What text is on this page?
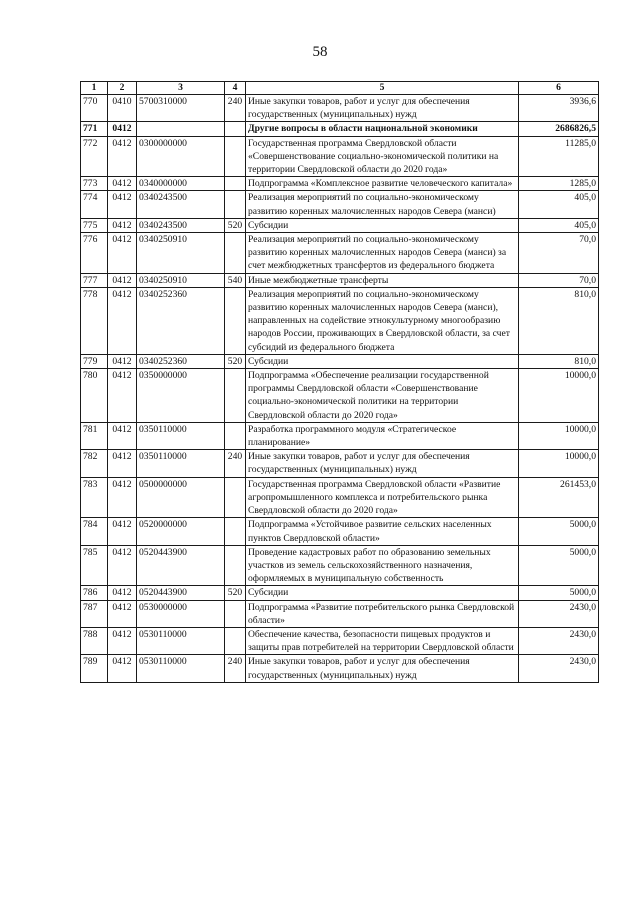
58
1	2	3	4	5	6
770	0410	5700310000	240	Иные закупки товаров, работ и услуг для обеспечения государственных (муниципальных) нужд	3936,6
771	0412			Другие вопросы в области национальной экономики	2686826,5
772	0412	0300000000		Государственная программа Свердловской области «Совершенствование социально-экономической политики на территории Свердловской области до 2020 года»	11285,0
773	0412	0340000000		Подпрограмма «Комплексное развитие человеческого капитала»	1285,0
774	0412	0340243500		Реализация мероприятий по социально-экономическому развитию коренных малочисленных народов Севера (манси)	405,0
775	0412	0340243500	520	Субсидии	405,0
776	0412	0340250910		Реализация мероприятий по социально-экономическому развитию коренных малочисленных народов Севера (манси) за счет межбюджетных трансфертов из федерального бюджета	70,0
777	0412	0340250910	540	Иные межбюджетные трансферты	70,0
778	0412	0340252360		Реализация мероприятий по социально-экономическому развитию коренных малочисленных народов Севера (манси), направленных на содействие этнокультурному многообразию народов России, проживающих в Свердловской области, за счет субсидий из федерального бюджета	810,0
779	0412	0340252360	520	Субсидии	810,0
780	0412	0350000000		Подпрограмма «Обеспечение реализации государственной программы Свердловской области «Совершенствование социально-экономической политики на территории Свердловской области до 2020 года»	10000,0
781	0412	0350110000		Разработка программного модуля «Стратегическое планирование»	10000,0
782	0412	0350110000	240	Иные закупки товаров, работ и услуг для обеспечения государственных (муниципальных) нужд	10000,0
783	0412	0500000000		Государственная программа Свердловской области «Развитие агропромышленного комплекса и потребительского рынка Свердловской области до 2020 года»	261453,0
784	0412	0520000000		Подпрограмма «Устойчивое развитие сельских населенных пунктов Свердловской области»	5000,0
785	0412	0520443900		Проведение кадастровых работ по образованию земельных участков из земель сельскохозяйственного назначения, оформляемых в муниципальную собственность	5000,0
786	0412	0520443900	520	Субсидии	5000,0
787	0412	0530000000		Подпрограмма «Развитие потребительского рынка Свердловской области»	2430,0
788	0412	0530110000		Обеспечение качества, безопасности пищевых продуктов и защиты прав потребителей на территории Свердловской области	2430,0
789	0412	0530110000	240	Иные закупки товаров, работ и услуг для обеспечения государственных (муниципальных) нужд	2430,0
